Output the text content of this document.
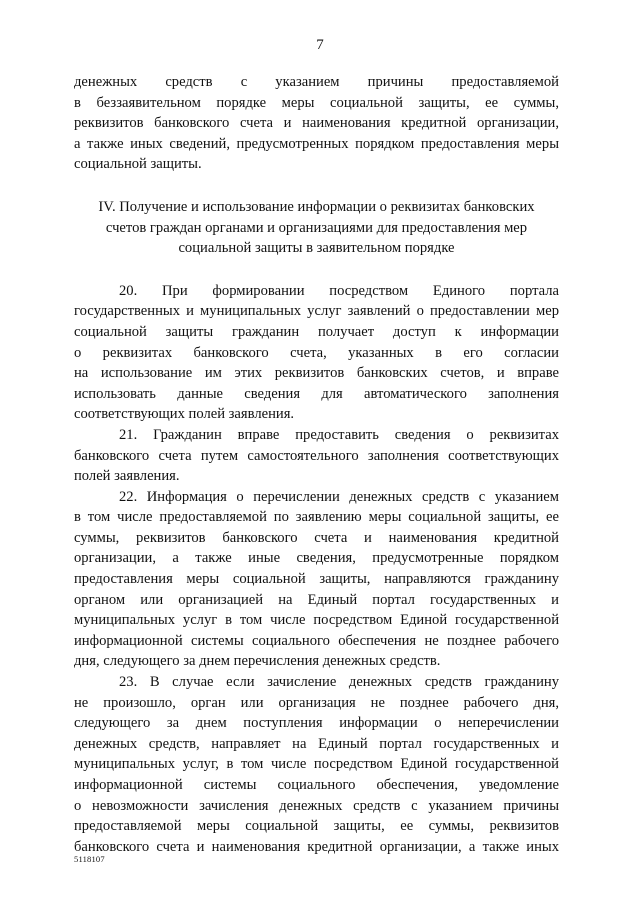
7
денежных средств с указанием причины предоставляемой
в беззаявительном порядке меры социальной защиты, ее суммы,
реквизитов банковского счета и наименования кредитной организации,
а также иных сведений, предусмотренных порядком предоставления меры
социальной защиты.
IV. Получение и использование информации о реквизитах банковских
счетов граждан органами и организациями для предоставления мер
социальной защиты в заявительном порядке
20. При формировании посредством Единого портала
государственных и муниципальных услуг заявлений о предоставлении мер
социальной защиты гражданин получает доступ к информации
о реквизитах банковского счета, указанных в его согласии
на использование им этих реквизитов банковских счетов, и вправе
использовать данные сведения для автоматического заполнения
соответствующих полей заявления.
21. Гражданин вправе предоставить сведения о реквизитах
банковского счета путем самостоятельного заполнения соответствующих
полей заявления.
22. Информация о перечислении денежных средств с указанием
в том числе предоставляемой по заявлению меры социальной защиты, ее
суммы, реквизитов банковского счета и наименования кредитной
организации, а также иные сведения, предусмотренные порядком
предоставления меры социальной защиты, направляются гражданину
органом или организацией на Единый портал государственных и
муниципальных услуг в том числе посредством Единой государственной
информационной системы социального обеспечения не позднее рабочего
дня, следующего за днем перечисления денежных средств.
23. В случае если зачисление денежных средств гражданину
не произошло, орган или организация не позднее рабочего дня,
следующего за днем поступления информации о неперечислении
денежных средств, направляет на Единый портал государственных и
муниципальных услуг, в том числе посредством Единой государственной
информационной системы социального обеспечения, уведомление
о невозможности зачисления денежных средств с указанием причины
предоставляемой меры социальной защиты, ее суммы, реквизитов
банковского счета и наименования кредитной организации, а также иных
5118107
